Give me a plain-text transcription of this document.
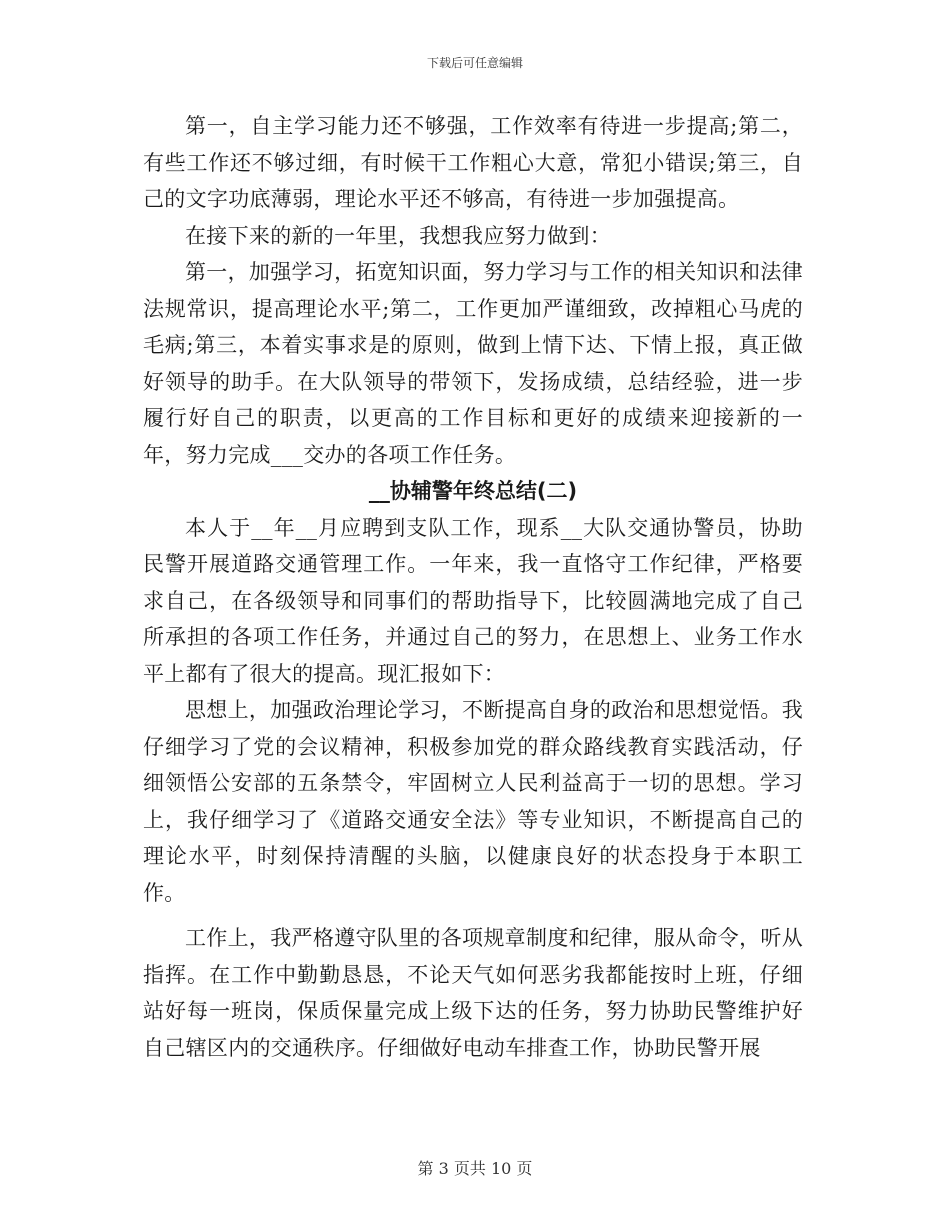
下载后可任意编辑

第一，自主学习能力还不够强，工作效率有待进一步提高;第二，有些工作还不够过细，有时候干工作粗心大意，常犯小错误;第三，自己的文字功底薄弱，理论水平还不够高，有待进一步加强提高。

在接下来的新的一年里，我想我应努力做到：

第一，加强学习，拓宽知识面，努力学习与工作的相关知识和法律法规常识，提高理论水平;第二，工作更加严谨细致，改掉粗心马虎的毛病;第三，本着实事求是的原则，做到上情下达、下情上报，真正做好领导的助手。在大队领导的带领下，发扬成绩，总结经验，进一步履行好自己的职责，以更高的工作目标和更好的成绩来迎接新的一年，努力完成___交办的各项工作任务。

__协辅警年终总结(二)

本人于__年__月应聘到支队工作，现系__大队交通协警员，协助民警开展道路交通管理工作。一年来，我一直恪守工作纪律，严格要求自己，在各级领导和同事们的帮助指导下，比较圆满地完成了自己所承担的各项工作任务，并通过自己的努力，在思想上、业务工作水平上都有了很大的提高。现汇报如下：

思想上，加强政治理论学习，不断提高自身的政治和思想觉悟。我仔细学习了党的会议精神，积极参加党的群众路线教育实践活动，仔细领悟公安部的五条禁令，牢固树立人民利益高于一切的思想。学习上，我仔细学习了《道路交通安全法》等专业知识，不断提高自己的理论水平，时刻保持清醒的头脑，以健康良好的状态投身于本职工作。

工作上，我严格遵守队里的各项规章制度和纪律，服从命令，听从指挥。在工作中勤勤恳恳，不论天气如何恶劣我都能按时上班，仔细站好每一班岗，保质保量完成上级下达的任务，努力协助民警维护好自己辖区内的交通秩序。仔细做好电动车排查工作，协助民警开展

第 3 页共 10 页
